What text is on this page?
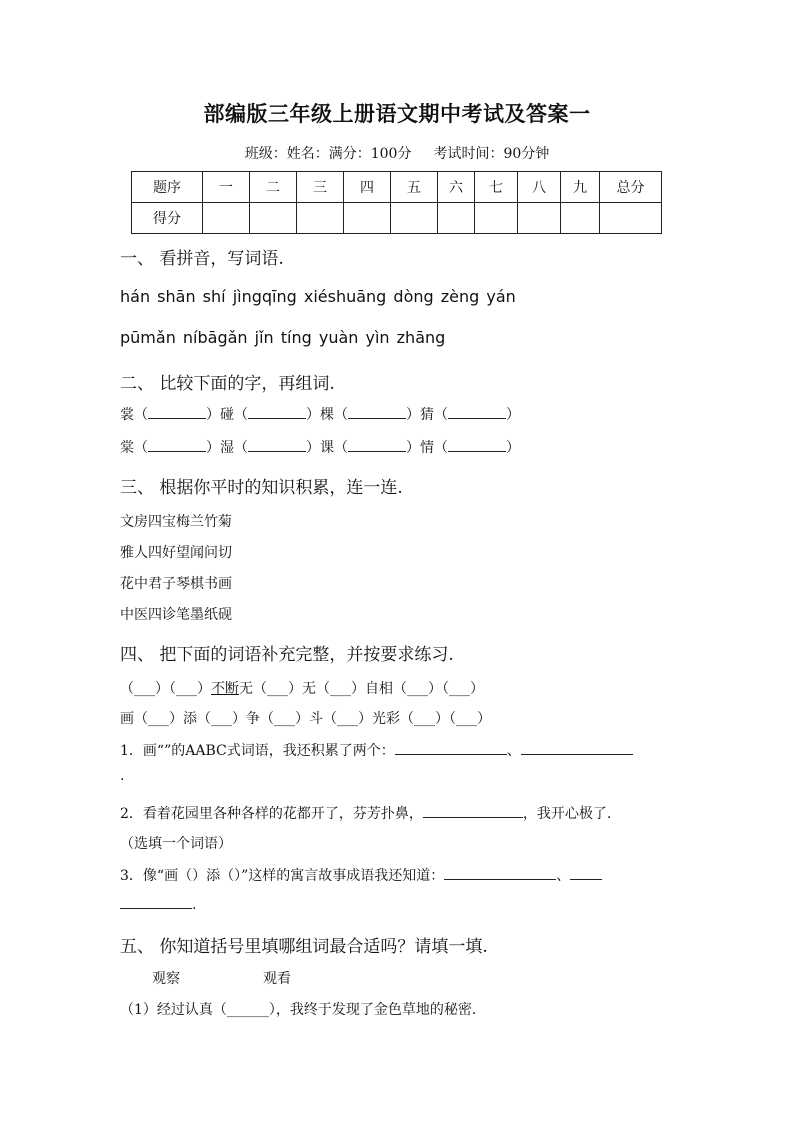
部编版三年级上册语文期中考试及答案一
班级：姓名：满分：100分 考试时间：90分钟
题序	一	二	三	四	五	六	七	八	九	总分
得分										
一、 看拼音，写词语.
hán shān shí jìngqīng xiéshuāng dòng zèng yán
pūmǎn níbāgǎn jǐn tíng yuàn yìn zhāng
二、 比较下面的字，再组词.
裳（	）碰（	）棵（	）猜（	）
棠（	）湿（	）课（	）情（	）
三、 根据你平时的知识积累，连一连.
文房四宝梅兰竹菊
雅人四好望闻问切
花中君子琴棋书画
中医四诊笔墨纸砚
四、 把下面的词语补充完整，并按要求练习.
（___）（___）不断无（___）无（___）自相（___）（___）
画（___）添（___）争（___）斗（___）光彩（___）（___）
1．画“”的AABC式词语，我还积累了两个：	、
.
2．看着花园里各种各样的花都开了，芬芳扑鼻，	，我开心极了.
（选填一个词语）
3．像“画（）添（）”这样的寓言故事成语我还知道：	、
.
五、 你知道括号里填哪组词最合适吗？请填一填.
观察	观看
（1）经过认真（______），我终于发现了金色草地的秘密.
